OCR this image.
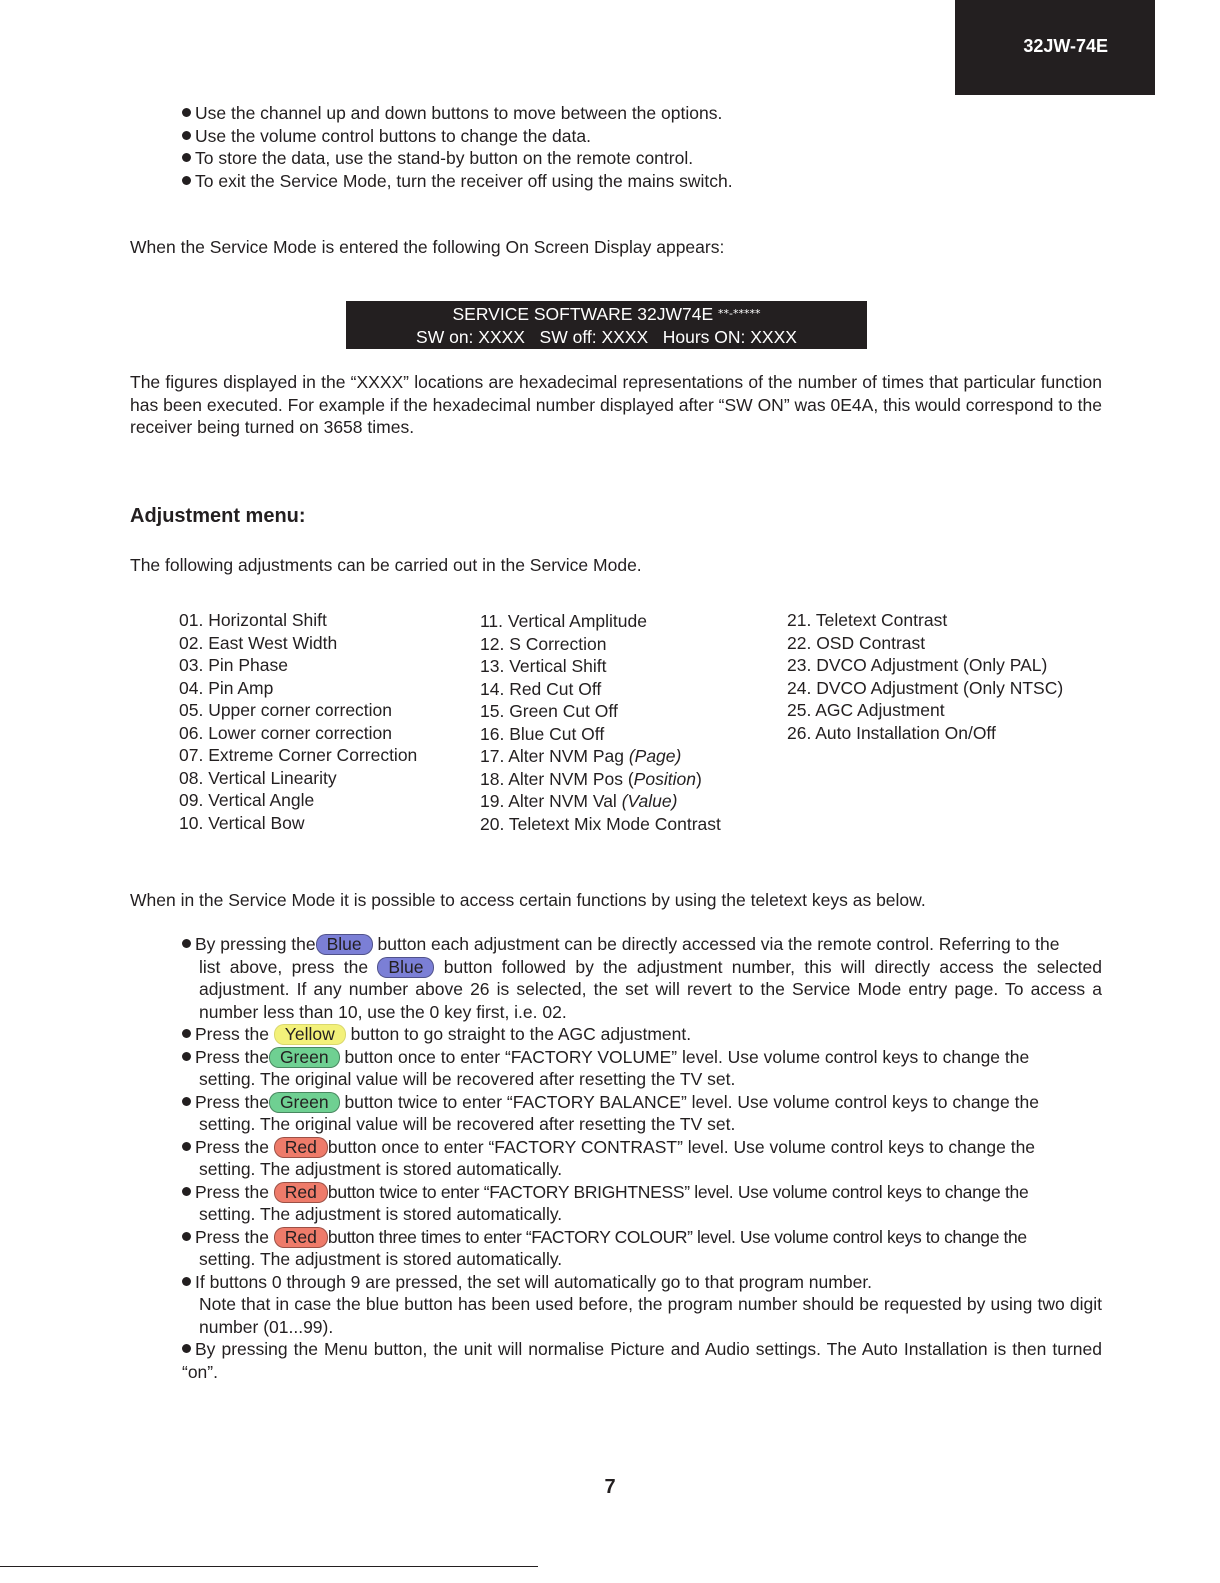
32JW-74E
Use the channel up and down buttons to move between the options.
Use the volume control buttons to change the data.
To store the data, use the stand-by button on the remote control.
To exit the Service Mode, turn the receiver off using the mains switch.
When the Service Mode is entered the following On Screen Display appears:
SERVICE SOFTWARE 32JW74E **-*****
SW on: XXXX   SW off: XXXX   Hours ON: XXXX
The figures displayed in the “XXXX” locations are hexadecimal representations of the number of times that particular function has been executed. For example if the hexadecimal number displayed after “SW ON” was 0E4A, this would correspond to the receiver being turned on 3658 times.
Adjustment menu:
The following adjustments can be carried out in the Service Mode.
01. Horizontal Shift
02. East West Width
03. Pin Phase
04. Pin Amp
05. Upper corner correction
06. Lower corner correction
07. Extreme Corner Correction
08. Vertical Linearity
09. Vertical Angle
10. Vertical Bow
11. Vertical Amplitude
12. S Correction
13. Vertical Shift
14. Red Cut Off
15. Green Cut Off
16. Blue Cut Off
17. Alter NVM Pag (Page)
18. Alter NVM Pos (Position)
19. Alter NVM Val (Value)
20. Teletext Mix Mode Contrast
21. Teletext Contrast
22. OSD Contrast
23. DVCO Adjustment (Only PAL)
24. DVCO Adjustment (Only NTSC)
25. AGC Adjustment
26. Auto Installation On/Off
When in the Service Mode it is possible to access certain functions by using the teletext keys as below.
By pressing the Blue button each adjustment can be directly accessed via the remote control. Referring to the
list above, press the Blue button followed by the adjustment number, this will directly access the selected adjustment. If any number above 26 is selected, the set will revert to the Service Mode entry page. To access a number less than 10, use the 0 key first, i.e. 02.
Press the Yellow button to go straight to the AGC adjustment.
Press the Green button once to enter “FACTORY VOLUME” level. Use volume control keys to change the
setting. The original value will be recovered after resetting the TV set.
Press the Green button twice to enter “FACTORY BALANCE” level. Use volume control keys to change the
setting. The original value will be recovered after resetting the TV set.
Press the Red button once to enter “FACTORY CONTRAST” level. Use volume control keys to change the
setting. The adjustment is stored automatically.
Press the Red button twice to enter “FACTORY BRIGHTNESS” level. Use volume control keys to change the
setting. The adjustment is stored automatically.
Press the Red button three times to enter “FACTORY COLOUR” level. Use volume control keys to change the
setting. The adjustment is stored automatically.
If buttons 0 through 9 are pressed, the set will automatically go to that program number.
Note that in case the blue button has been used before, the program number should be requested by using two digit number (01...99).
By pressing the Menu button, the unit will normalise Picture and Audio settings. The Auto Installation is then turned “on”.
7
